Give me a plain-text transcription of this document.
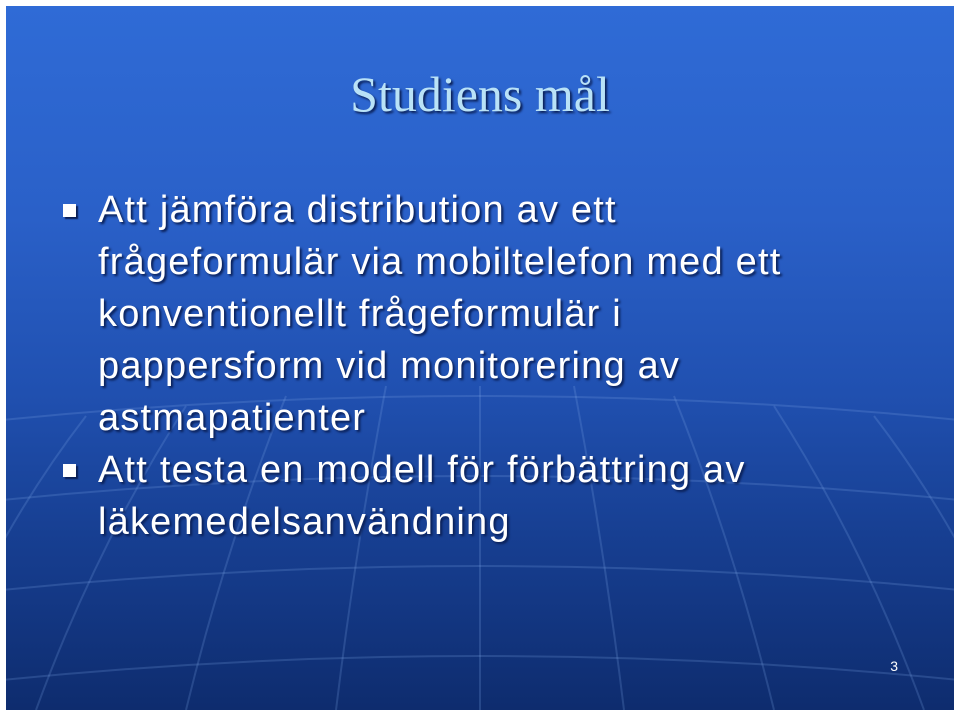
Studiens mål
Att jämföra distribution av ett frågeformulär via mobiltelefon med ett konventionellt frågeformulär i pappersform vid monitorering av astmapatienter
Att testa en modell för förbättring av läkemedelsanvändning
3
